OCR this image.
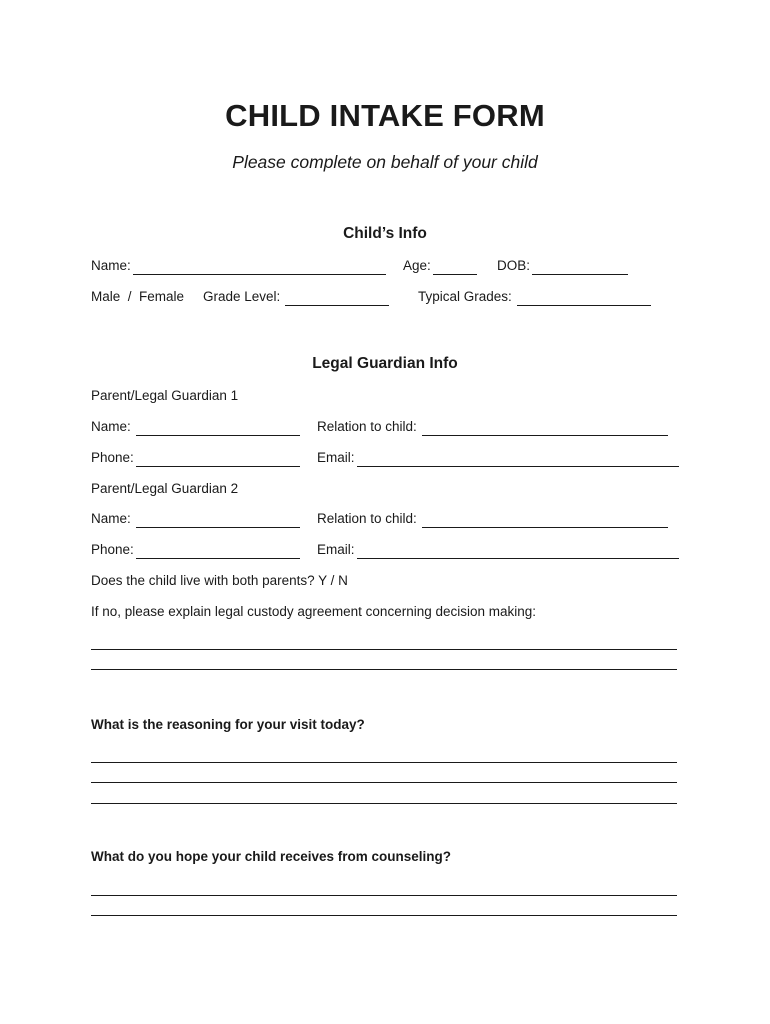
CHILD INTAKE FORM
Please complete on behalf of your child
Child’s Info
Name:	Age:	DOB:
Male  /  Female Grade Level:	Typical Grades:
Legal Guardian Info
Parent/Legal Guardian 1
Name:	Relation to child:
Phone:	Email:
Parent/Legal Guardian 2
Name:	Relation to child:
Phone:	Email:
Does the child live with both parents? Y / N
If no, please explain legal custody agreement concerning decision making:
What is the reasoning for your visit today?
What do you hope your child receives from counseling?
